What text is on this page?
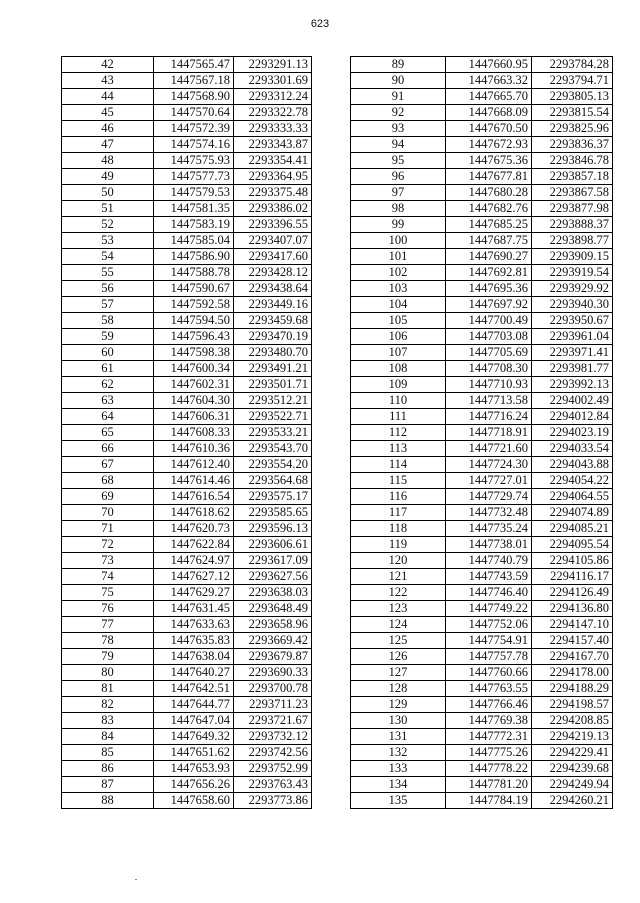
623
42	1447565.47	2293291.13
43	1447567.18	2293301.69
44	1447568.90	2293312.24
45	1447570.64	2293322.78
46	1447572.39	2293333.33
47	1447574.16	2293343.87
48	1447575.93	2293354.41
49	1447577.73	2293364.95
50	1447579.53	2293375.48
51	1447581.35	2293386.02
52	1447583.19	2293396.55
53	1447585.04	2293407.07
54	1447586.90	2293417.60
55	1447588.78	2293428.12
56	1447590.67	2293438.64
57	1447592.58	2293449.16
58	1447594.50	2293459.68
59	1447596.43	2293470.19
60	1447598.38	2293480.70
61	1447600.34	2293491.21
62	1447602.31	2293501.71
63	1447604.30	2293512.21
64	1447606.31	2293522.71
65	1447608.33	2293533.21
66	1447610.36	2293543.70
67	1447612.40	2293554.20
68	1447614.46	2293564.68
69	1447616.54	2293575.17
70	1447618.62	2293585.65
71	1447620.73	2293596.13
72	1447622.84	2293606.61
73	1447624.97	2293617.09
74	1447627.12	2293627.56
75	1447629.27	2293638.03
76	1447631.45	2293648.49
77	1447633.63	2293658.96
78	1447635.83	2293669.42
79	1447638.04	2293679.87
80	1447640.27	2293690.33
81	1447642.51	2293700.78
82	1447644.77	2293711.23
83	1447647.04	2293721.67
84	1447649.32	2293732.12
85	1447651.62	2293742.56
86	1447653.93	2293752.99
87	1447656.26	2293763.43
88	1447658.60	2293773.86
89	1447660.95	2293784.28
90	1447663.32	2293794.71
91	1447665.70	2293805.13
92	1447668.09	2293815.54
93	1447670.50	2293825.96
94	1447672.93	2293836.37
95	1447675.36	2293846.78
96	1447677.81	2293857.18
97	1447680.28	2293867.58
98	1447682.76	2293877.98
99	1447685.25	2293888.37
100	1447687.75	2293898.77
101	1447690.27	2293909.15
102	1447692.81	2293919.54
103	1447695.36	2293929.92
104	1447697.92	2293940.30
105	1447700.49	2293950.67
106	1447703.08	2293961.04
107	1447705.69	2293971.41
108	1447708.30	2293981.77
109	1447710.93	2293992.13
110	1447713.58	2294002.49
111	1447716.24	2294012.84
112	1447718.91	2294023.19
113	1447721.60	2294033.54
114	1447724.30	2294043.88
115	1447727.01	2294054.22
116	1447729.74	2294064.55
117	1447732.48	2294074.89
118	1447735.24	2294085.21
119	1447738.01	2294095.54
120	1447740.79	2294105.86
121	1447743.59	2294116.17
122	1447746.40	2294126.49
123	1447749.22	2294136.80
124	1447752.06	2294147.10
125	1447754.91	2294157.40
126	1447757.78	2294167.70
127	1447760.66	2294178.00
128	1447763.55	2294188.29
129	1447766.46	2294198.57
130	1447769.38	2294208.85
131	1447772.31	2294219.13
132	1447775.26	2294229.41
133	1447778.22	2294239.68
134	1447781.20	2294249.94
135	1447784.19	2294260.21
